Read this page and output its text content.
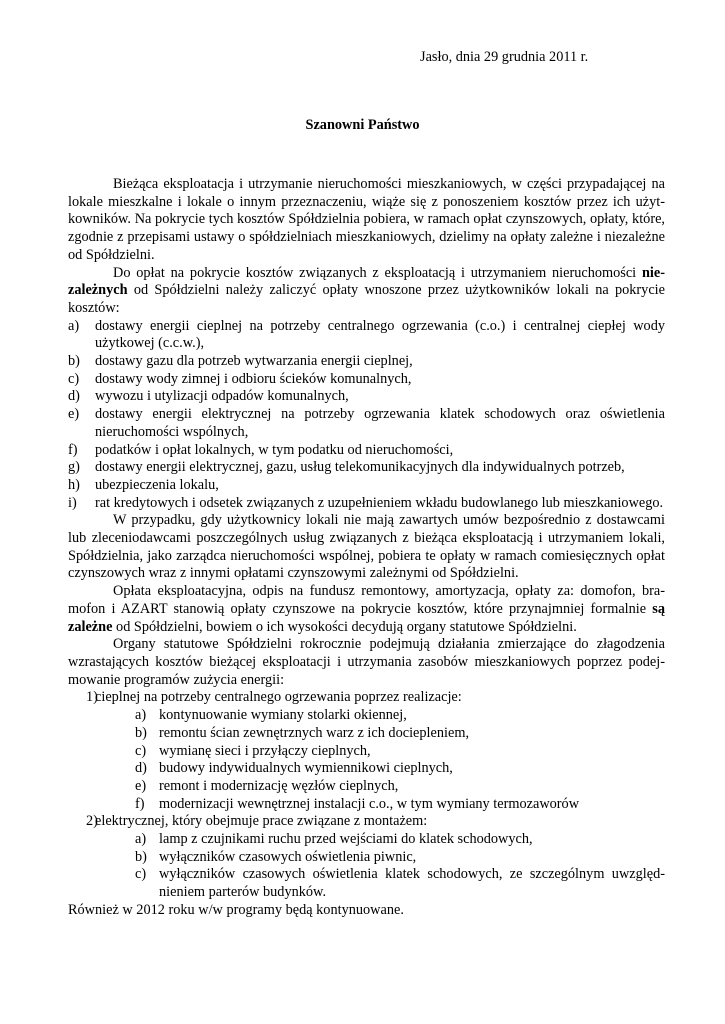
Jasło, dnia 29 grudnia 2011 r.
Szanowni Państwo

Bieżąca eksploatacja i utrzymanie nieruchomości mieszkaniowych, w części przypadającej na lokale mieszkalne i lokale o innym przeznaczeniu, wiąże się z ponoszeniem kosztów przez ich użytkowników. Na pokrycie tych kosztów Spółdzielnia pobiera, w ramach opłat czynszowych, opłaty, które, zgodnie z przepisami ustawy o spółdzielniach mieszkaniowych, dzielimy na opłaty zależne i niezależne od Spółdzielni.

Do opłat na pokrycie kosztów związanych z eksploatacją i utrzymaniem nieruchomości niezależnych od Spółdzielni należy zaliczyć opłaty wnoszone przez użytkowników lokali na pokrycie kosztów:

a) dostawy energii cieplnej na potrzeby centralnego ogrzewania (c.o.) i centralnej ciepłej wody użytkowej (c.c.w.),
b) dostawy gazu dla potrzeb wytwarzania energii cieplnej,
c) dostawy wody zimnej i odbioru ścieków komunalnych,
d) wywozu i utylizacji odpadów komunalnych,
e) dostawy energii elektrycznej na potrzeby ogrzewania klatek schodowych oraz oświetlenia nieruchomości wspólnych,
f) podatków i opłat lokalnych, w tym podatku od nieruchomości,
g) dostawy energii elektrycznej, gazu, usług telekomunikacyjnych dla indywidualnych potrzeb,
h) ubezpieczenia lokalu,
i) rat kredytowych i odsetek związanych z uzupełnieniem wkładu budowlanego lub mieszkaniowego.

W przypadku, gdy użytkownicy lokali nie mają zawartych umów bezpośrednio z dostawcami lub zleceniodawcami poszczególnych usług związanych z bieżąca eksploatacją i utrzymaniem lokali, Spółdzielnia, jako zarządca nieruchomości wspólnej, pobiera te opłaty w ramach comiesięcznych opłat czynszowych wraz z innymi opłatami czynszowymi zależnymi od Spółdzielni.

Opłata eksploatacyjna, odpis na fundusz remontowy, amortyzacja, opłaty za: domofon, bramofon i AZART stanowią opłaty czynszowe na pokrycie kosztów, które przynajmniej formalnie są zależne od Spółdzielni, bowiem o ich wysokości decydują organy statutowe Spółdzielni.

Organy statutowe Spółdzielni rokrocznie podejmują działania zmierzające do złagodzenia wzrastających kosztów bieżącej eksploatacji i utrzymania zasobów mieszkaniowych poprzez podejmowanie programów zużycia energii:

1)
cieplnej na potrzeby centralnego ogrzewania poprzez realizacje:
a) kontynuowanie wymiany stolarki okiennej,
b) remontu ścian zewnętrznych warz z ich dociepleniem,
c) wymianę sieci i przyłączy cieplnych,
d) budowy indywidualnych wymiennikowi cieplnych,
e) remont i modernizację węzłów cieplnych,
f) modernizacji wewnętrznej instalacji c.o., w tym wymiany termozaworów
2)
elektrycznej, który obejmuje prace związane z montażem:
a) lamp z czujnikami ruchu przed wejściami do klatek schodowych,
b) wyłączników czasowych oświetlenia piwnic,
c) wyłączników czasowych oświetlenia klatek schodowych, ze szczególnym uwzględnieniem parterów budynków.

Również w 2012 roku w/w programy będą kontynuowane.
